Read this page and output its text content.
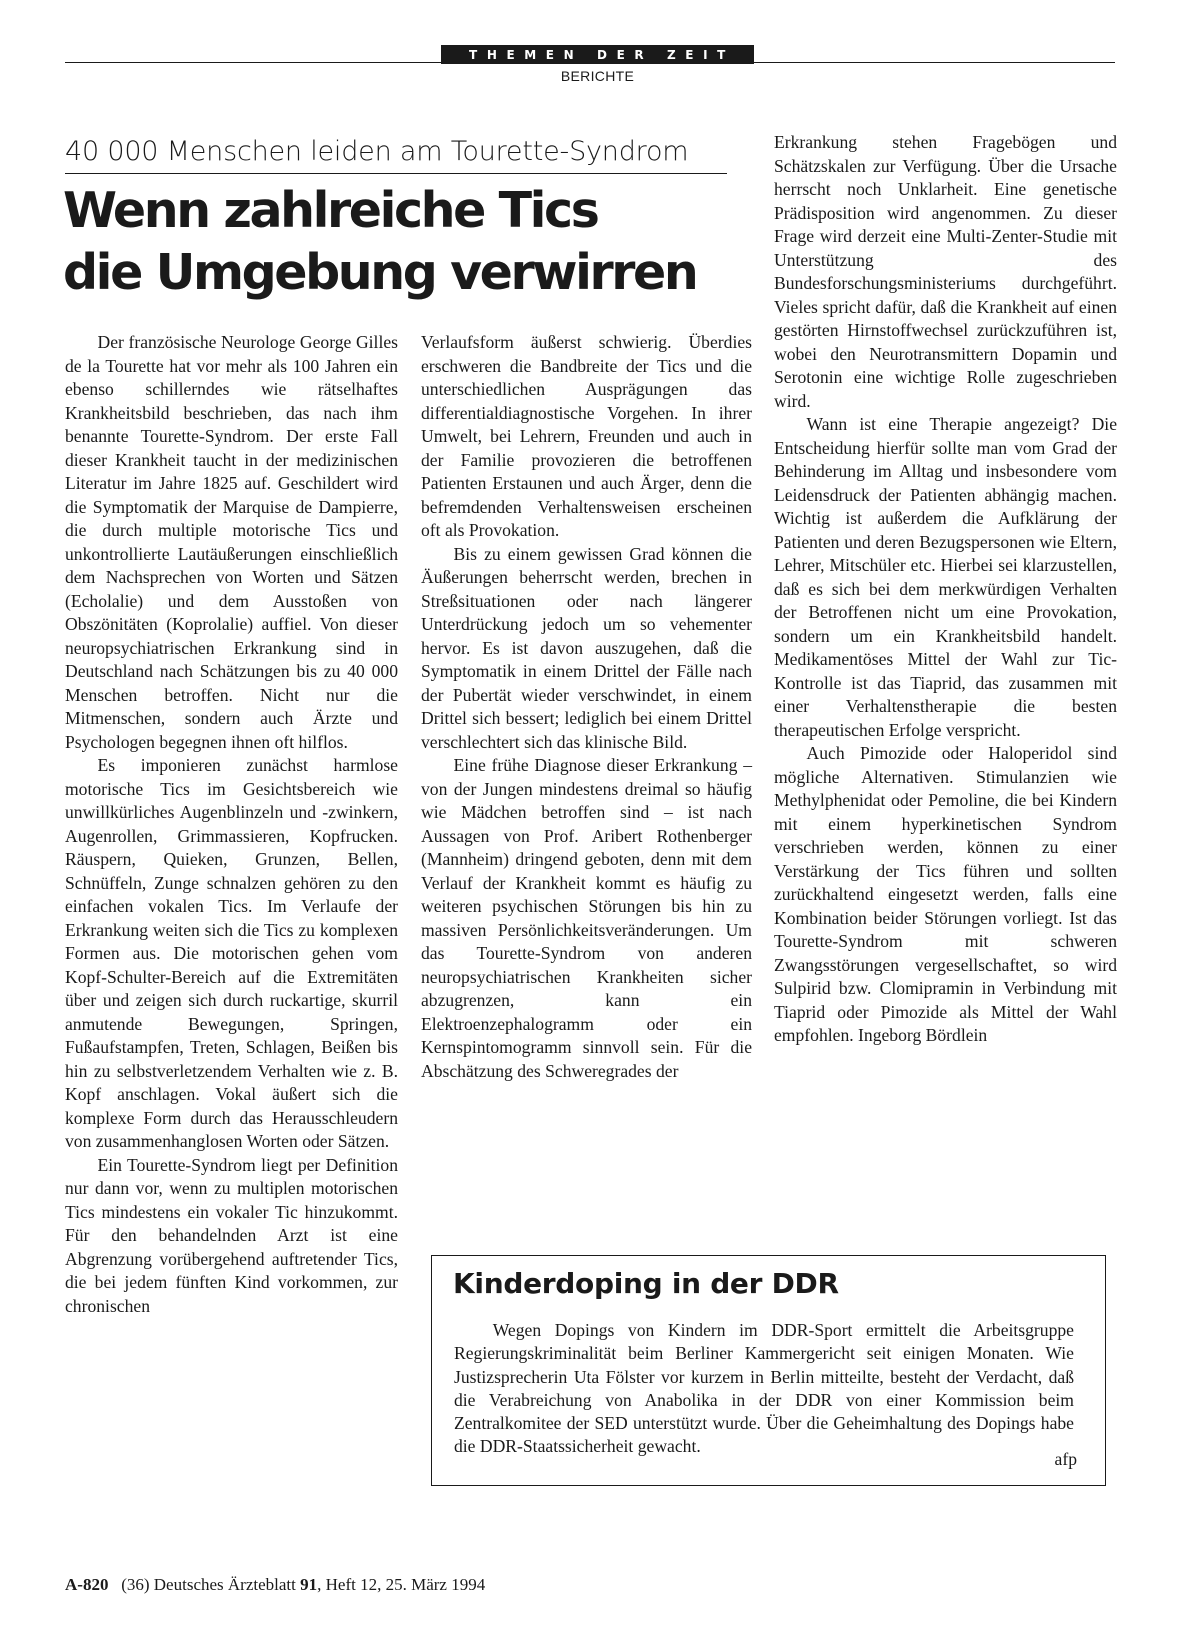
THEMEN DER ZEIT
BERICHTE
40 000 Menschen leiden am Tourette-Syndrom
Wenn zahlreiche Tics
die Umgebung verwirren

Der französische Neurologe George Gilles de la Tourette hat vor mehr als 100 Jahren ein ebenso schillerndes wie rätselhaftes Krankheitsbild beschrieben, das nach ihm benannte Tourette-Syndrom. Der erste Fall dieser Krankheit taucht in der medizinischen Literatur im Jahre 1825 auf. Geschildert wird die Symptomatik der Marquise de Dampierre, die durch multiple motorische Tics und unkontrollierte Lautäußerungen einschließlich dem Nachsprechen von Worten und Sätzen (Echolalie) und dem Ausstoßen von Obszönitäten (Koprolalie) auffiel. Von dieser neuropsychiatrischen Erkrankung sind in Deutschland nach Schätzungen bis zu 40 000 Menschen betroffen. Nicht nur die Mitmenschen, sondern auch Ärzte und Psychologen begegnen ihnen oft hilflos.

Es imponieren zunächst harmlose motorische Tics im Gesichtsbereich wie unwillkürliches Augenblinzeln und -zwinkern, Augenrollen, Grimmassieren, Kopfrucken. Räuspern, Quieken, Grunzen, Bellen, Schnüffeln, Zunge schnalzen gehören zu den einfachen vokalen Tics. Im Verlaufe der Erkrankung weiten sich die Tics zu komplexen Formen aus. Die motorischen gehen vom Kopf-Schulter-Bereich auf die Extremitäten über und zeigen sich durch ruckartige, skurril anmutende Bewegungen, Springen, Fußaufstampfen, Treten, Schlagen, Beißen bis hin zu selbstverletzendem Verhalten wie z. B. Kopf anschlagen. Vokal äußert sich die komplexe Form durch das Herausschleudern von zusammenhanglosen Worten oder Sätzen.

Ein Tourette-Syndrom liegt per Definition nur dann vor, wenn zu multiplen motorischen Tics mindestens ein vokaler Tic hinzukommt. Für den behandelnden Arzt ist eine Abgrenzung vorübergehend auftretender Tics, die bei jedem fünften Kind vorkommen, zur chronischen

Verlaufsform äußerst schwierig. Überdies erschweren die Bandbreite der Tics und die unterschiedlichen Ausprägungen das differentialdiagnostische Vorgehen. In ihrer Umwelt, bei Lehrern, Freunden und auch in der Familie provozieren die betroffenen Patienten Erstaunen und auch Ärger, denn die befremdenden Verhaltensweisen erscheinen oft als Provokation.

Bis zu einem gewissen Grad können die Äußerungen beherrscht werden, brechen in Streßsituationen oder nach längerer Unterdrückung jedoch um so vehementer hervor. Es ist davon auszugehen, daß die Symptomatik in einem Drittel der Fälle nach der Pubertät wieder verschwindet, in einem Drittel sich bessert; lediglich bei einem Drittel verschlechtert sich das klinische Bild.

Eine frühe Diagnose dieser Erkrankung – von der Jungen mindestens dreimal so häufig wie Mädchen betroffen sind – ist nach Aussagen von Prof. Aribert Rothenberger (Mannheim) dringend geboten, denn mit dem Verlauf der Krankheit kommt es häufig zu weiteren psychischen Störungen bis hin zu massiven Persönlichkeitsveränderungen. Um das Tourette-Syndrom von anderen neuropsychiatrischen Krankheiten sicher abzugrenzen, kann ein Elektroenzephalogramm oder ein Kernspintomogramm sinnvoll sein. Für die Abschätzung des Schweregrades der

Erkrankung stehen Fragebögen und Schätzskalen zur Verfügung. Über die Ursache herrscht noch Unklarheit. Eine genetische Prädisposition wird angenommen. Zu dieser Frage wird derzeit eine Multi-Zenter-Studie mit Unterstützung des Bundesforschungsministeriums durchgeführt. Vieles spricht dafür, daß die Krankheit auf einen gestörten Hirnstoffwechsel zurückzuführen ist, wobei den Neurotransmittern Dopamin und Serotonin eine wichtige Rolle zugeschrieben wird.

Wann ist eine Therapie angezeigt? Die Entscheidung hierfür sollte man vom Grad der Behinderung im Alltag und insbesondere vom Leidensdruck der Patienten abhängig machen. Wichtig ist außerdem die Aufklärung der Patienten und deren Bezugspersonen wie Eltern, Lehrer, Mitschüler etc. Hierbei sei klarzustellen, daß es sich bei dem merkwürdigen Verhalten der Betroffenen nicht um eine Provokation, sondern um ein Krankheitsbild handelt. Medikamentöses Mittel der Wahl zur Tic-Kontrolle ist das Tiaprid, das zusammen mit einer Verhaltenstherapie die besten therapeutischen Erfolge verspricht.

Auch Pimozide oder Haloperidol sind mögliche Alternativen. Stimulanzien wie Methylphenidat oder Pemoline, die bei Kindern mit einem hyperkinetischen Syndrom verschrieben werden, können zu einer Verstärkung der Tics führen und sollten zurückhaltend eingesetzt werden, falls eine Kombination beider Störungen vorliegt. Ist das Tourette-Syndrom mit schweren Zwangsstörungen vergesellschaftet, so wird Sulpirid bzw. Clomipramin in Verbindung mit Tiaprid oder Pimozide als Mittel der Wahl empfohlen. Ingeborg Bördlein

Kinderdoping in der DDR

Wegen Dopings von Kindern im DDR-Sport ermittelt die Arbeitsgruppe Regierungskriminalität beim Berliner Kammergericht seit einigen Monaten. Wie Justizsprecherin Uta Fölster vor kurzem in Berlin mitteilte, besteht der Verdacht, daß die Verabreichung von Anabolika in der DDR von einer Kommission beim Zentralkomitee der SED unterstützt wurde. Über die Geheimhaltung des Dopings habe die DDR-Staatssicherheit gewacht.

afp
A-820 (36) Deutsches Ärzteblatt 91, Heft 12, 25. März 1994
